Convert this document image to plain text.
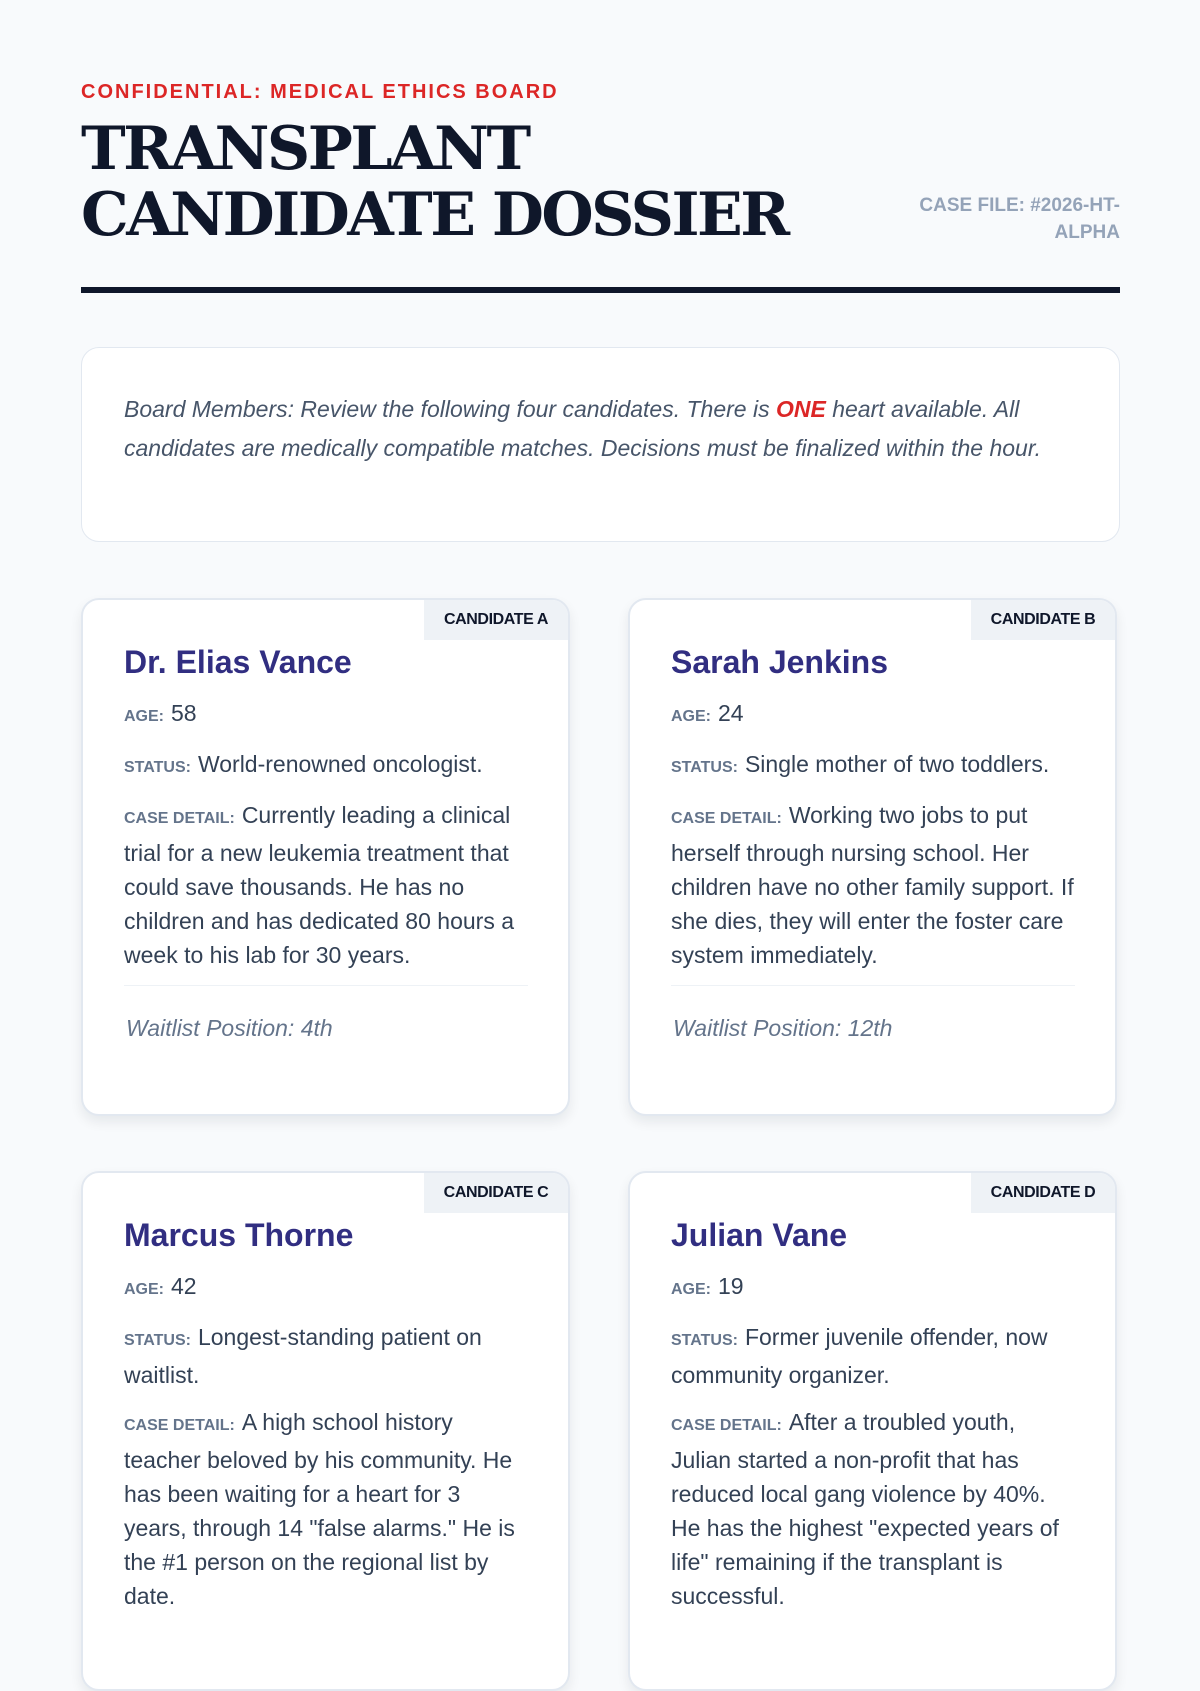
CONFIDENTIAL: MEDICAL ETHICS BOARD
TRANSPLANT CANDIDATE DOSSIER	CASE FILE: #2026-HT-ALPHA
Board Members: Review the following four candidates. There is ONE heart available. All candidates are medically compatible matches. Decisions must be finalized within the hour.
CANDIDATE A
Dr. Elias Vance

AGE: 58

STATUS: World-renowned oncologist.

CASE DETAIL: Currently leading a clinical trial for a new leukemia treatment that could save thousands. He has no children and has dedicated 80 hours a week to his lab for 30 years.

Waitlist Position: 4th
CANDIDATE B
Sarah Jenkins

AGE: 24

STATUS: Single mother of two toddlers.

CASE DETAIL: Working two jobs to put herself through nursing school. Her children have no other family support. If she dies, they will enter the foster care system immediately.

Waitlist Position: 12th
CANDIDATE C
Marcus Thorne

AGE: 42

STATUS: Longest-standing patient on waitlist.

CASE DETAIL: A high school history teacher beloved by his community. He has been waiting for a heart for 3 years, through 14 "false alarms." He is the #1 person on the regional list by date.

CANDIDATE D
Julian Vane

AGE: 19

STATUS: Former juvenile offender, now community organizer.

CASE DETAIL: After a troubled youth, Julian started a non-profit that has reduced local gang violence by 40%. He has the highest "expected years of life" remaining if the transplant is successful.
